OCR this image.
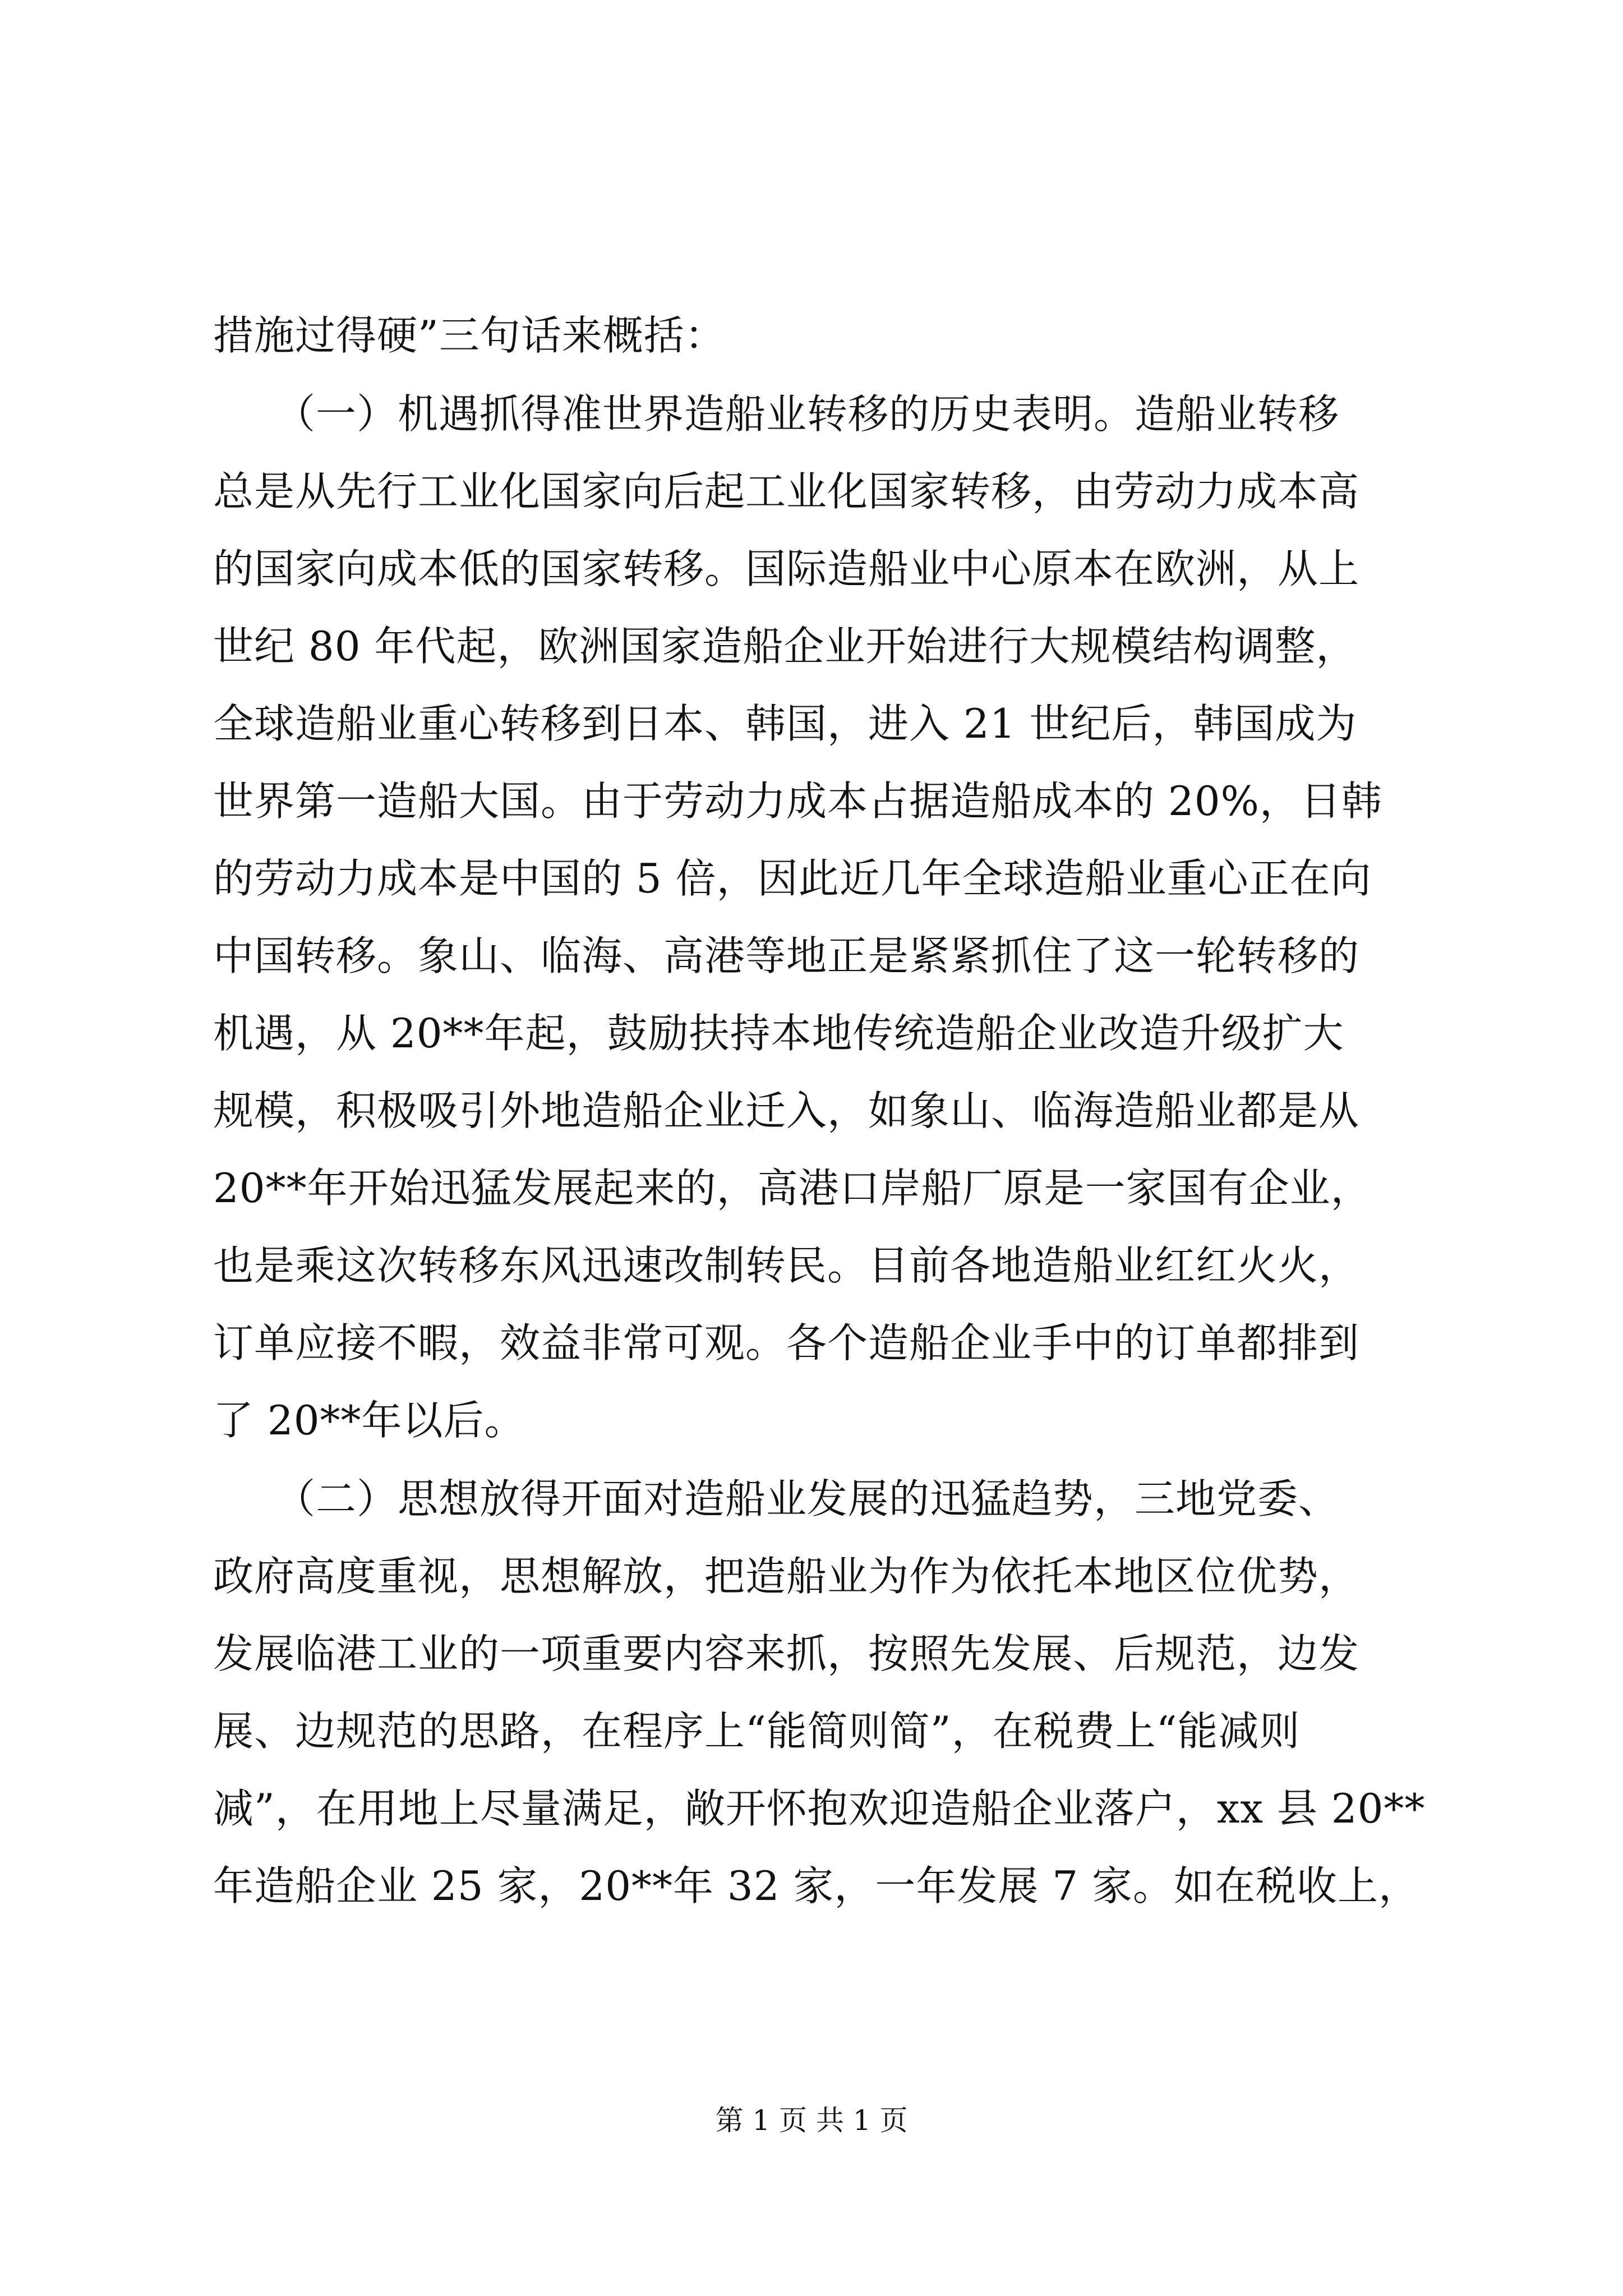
措施过得硬”三句话来概括：
　　（一）机遇抓得准世界造船业转移的历史表明。造船业转移
总是从先行工业化国家向后起工业化国家转移，由劳动力成本高
的国家向成本低的国家转移。国际造船业中心原本在欧洲，从上
世纪 80 年代起，欧洲国家造船企业开始进行大规模结构调整，
全球造船业重心转移到日本、韩国，进入 21 世纪后，韩国成为
世界第一造船大国。由于劳动力成本占据造船成本的 20%，日韩
的劳动力成本是中国的 5 倍，因此近几年全球造船业重心正在向
中国转移。象山、临海、高港等地正是紧紧抓住了这一轮转移的
机遇，从 20**年起，鼓励扶持本地传统造船企业改造升级扩大
规模，积极吸引外地造船企业迁入，如象山、临海造船业都是从
20**年开始迅猛发展起来的，高港口岸船厂原是一家国有企业，
也是乘这次转移东风迅速改制转民。目前各地造船业红红火火，
订单应接不暇，效益非常可观。各个造船企业手中的订单都排到
了 20**年以后。
　　（二）思想放得开面对造船业发展的迅猛趋势，三地党委、
政府高度重视，思想解放，把造船业为作为依托本地区位优势，
发展临港工业的一项重要内容来抓，按照先发展、后规范，边发
展、边规范的思路，在程序上“能简则简”，在税费上“能减则
减”，在用地上尽量满足，敞开怀抱欢迎造船企业落户，xx 县 20**
年造船企业 25 家，20**年 32 家，一年发展 7 家。如在税收上，
第 1 页 共 1 页
